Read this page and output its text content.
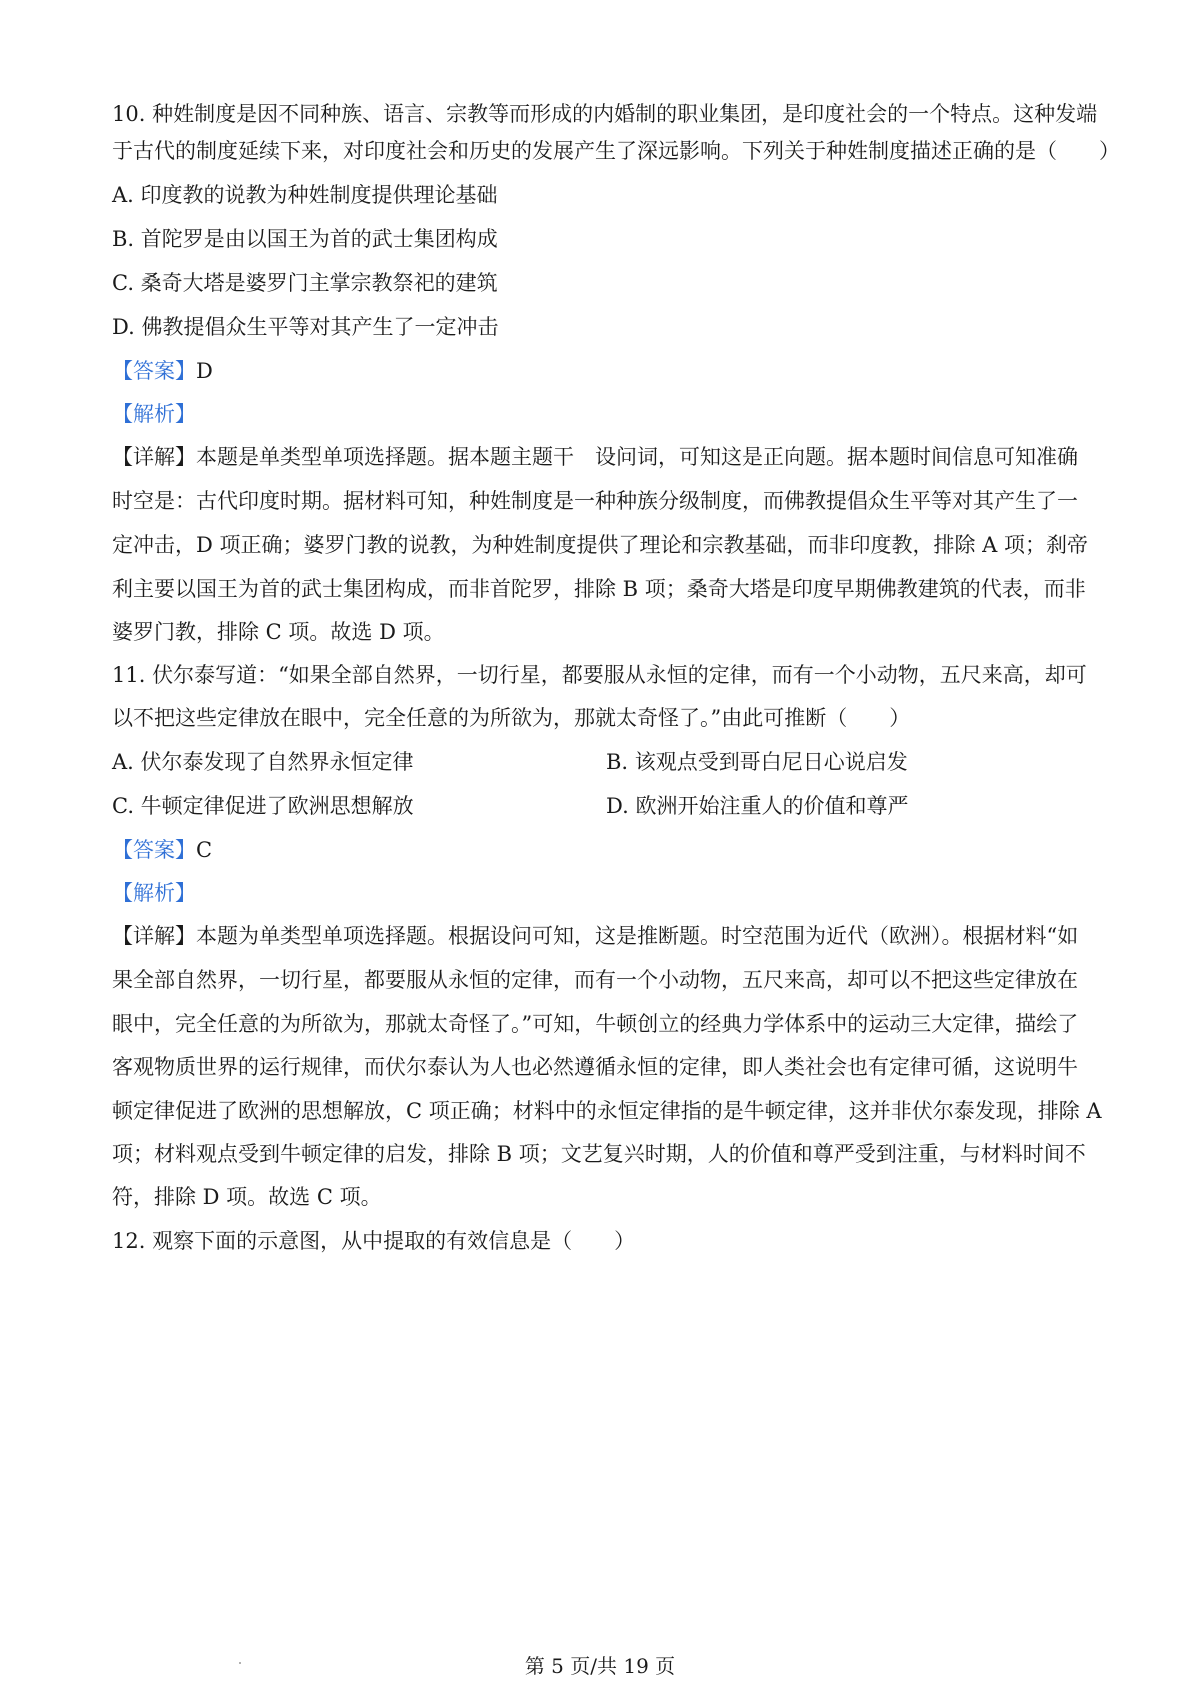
10. 种姓制度是因不同种族、语言、宗教等而形成的内婚制的职业集团，是印度社会的一个特点。这种发端
于古代的制度延续下来，对印度社会和历史的发展产生了深远影响。下列关于种姓制度描述正确的是（　　）
A. 印度教的说教为种姓制度提供理论基础
B. 首陀罗是由以国王为首的武士集团构成
C. 桑奇大塔是婆罗门主掌宗教祭祀的建筑
D. 佛教提倡众生平等对其产生了一定冲击
【答案】D
【解析】
【详解】本题是单类型单项选择题。据本题主题干　设问词，可知这是正向题。据本题时间信息可知准确
时空是：古代印度时期。据材料可知，种姓制度是一种种族分级制度，而佛教提倡众生平等对其产生了一
定冲击，D 项正确；婆罗门教的说教，为种姓制度提供了理论和宗教基础，而非印度教，排除 A 项；刹帝
利主要以国王为首的武士集团构成，而非首陀罗，排除 B 项；桑奇大塔是印度早期佛教建筑的代表，而非
婆罗门教，排除 C 项。故选 D 项。
11. 伏尔泰写道：“如果全部自然界，一切行星，都要服从永恒的定律，而有一个小动物，五尺来高，却可
以不把这些定律放在眼中，完全任意的为所欲为，那就太奇怪了。”由此可推断（　　）
A. 伏尔泰发现了自然界永恒定律	B. 该观点受到哥白尼日心说启发
C. 牛顿定律促进了欧洲思想解放	D. 欧洲开始注重人的价值和尊严
【答案】C
【解析】
【详解】本题为单类型单项选择题。根据设问可知，这是推断题。时空范围为近代（欧洲）。根据材料“如
果全部自然界，一切行星，都要服从永恒的定律，而有一个小动物，五尺来高，却可以不把这些定律放在
眼中，完全任意的为所欲为，那就太奇怪了。”可知，牛顿创立的经典力学体系中的运动三大定律，描绘了
客观物质世界的运行规律，而伏尔泰认为人也必然遵循永恒的定律，即人类社会也有定律可循，这说明牛
顿定律促进了欧洲的思想解放，C 项正确；材料中的永恒定律指的是牛顿定律，这并非伏尔泰发现，排除 A
项；材料观点受到牛顿定律的启发，排除 B 项；文艺复兴时期，人的价值和尊严受到注重，与材料时间不
符，排除 D 项。故选 C 项。
12. 观察下面的示意图，从中提取的有效信息是（　　）
第 5 页/共 19 页
